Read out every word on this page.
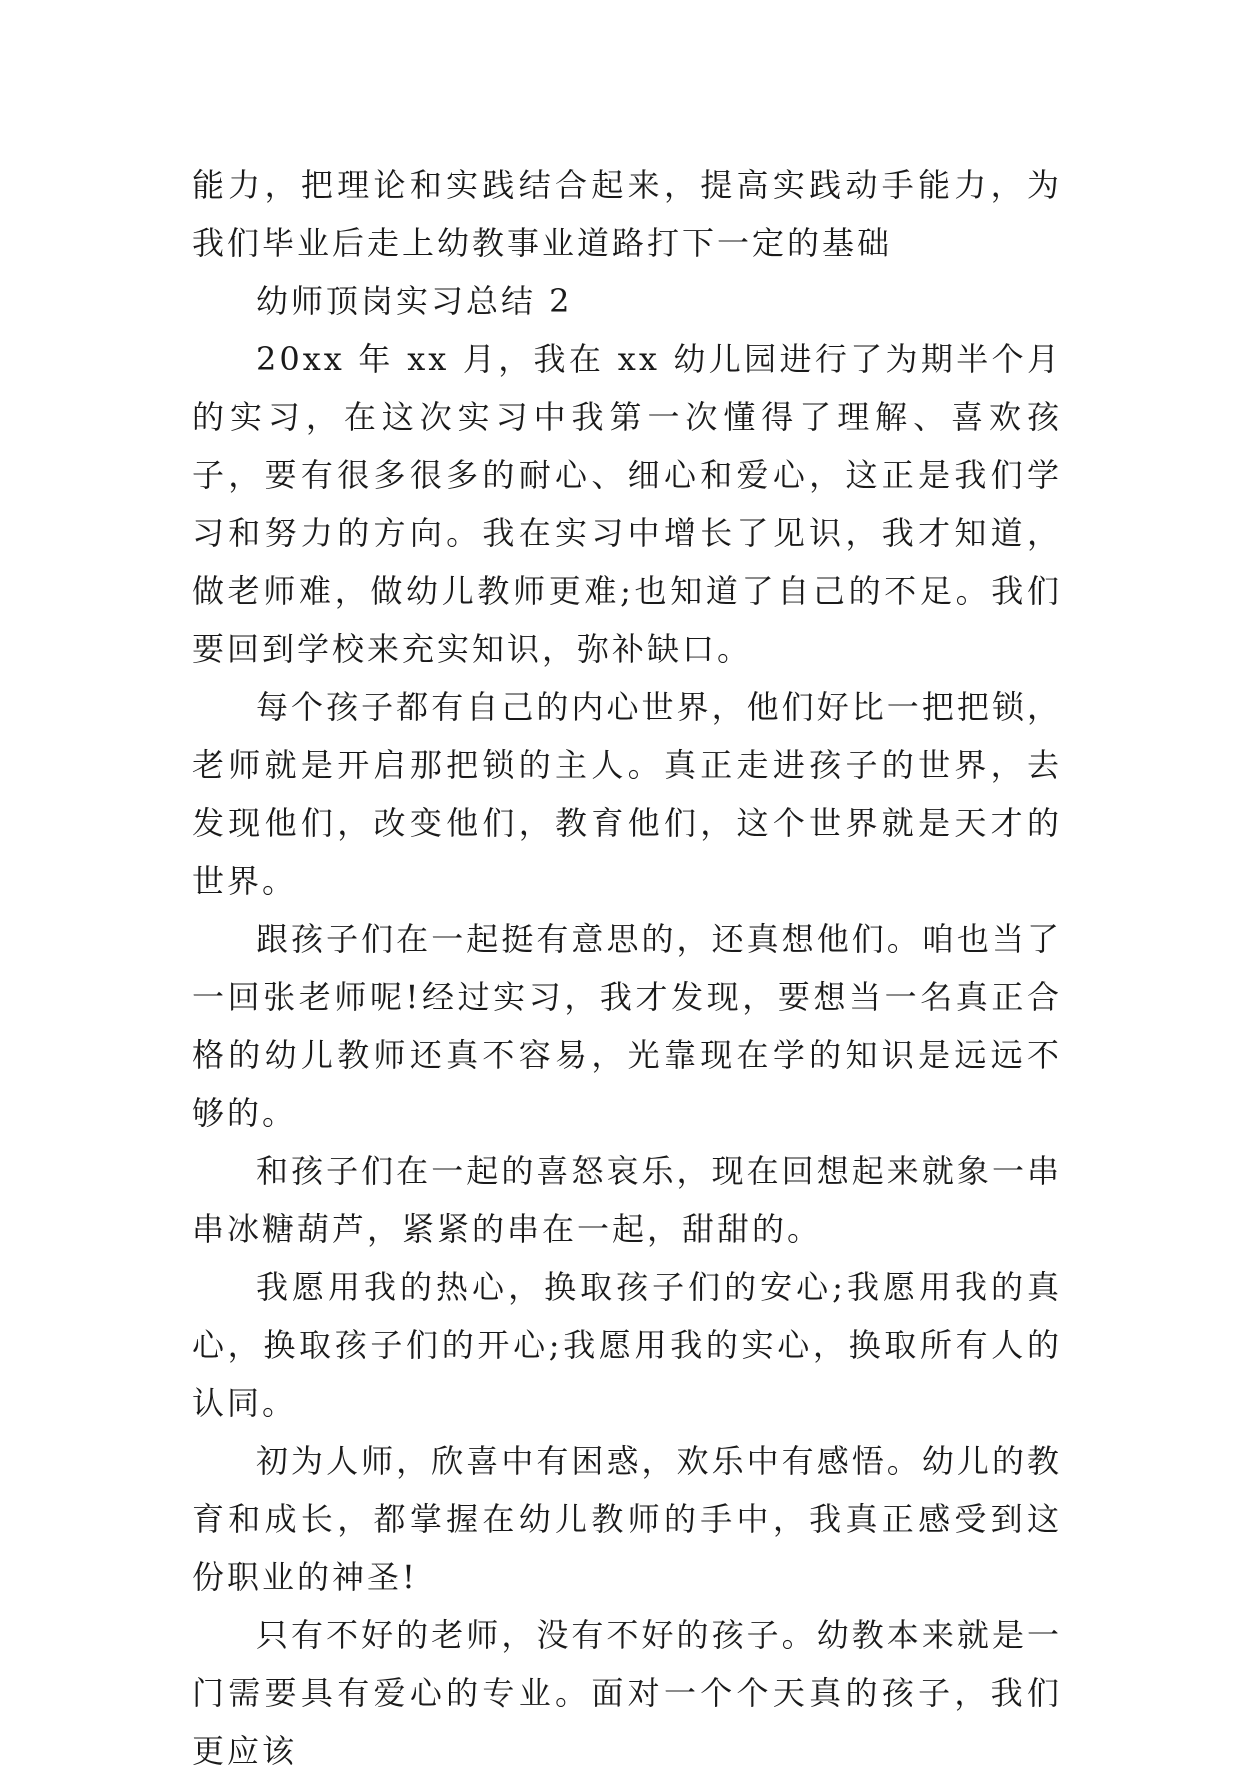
能力，把理论和实践结合起来，提高实践动手能力，为我们毕业后走上幼教事业道路打下一定的基础

幼师顶岗实习总结 2

20xx 年 xx 月，我在 xx 幼儿园进行了为期半个月的实习，在这次实习中我第一次懂得了理解、喜欢孩子，要有很多很多的耐心、细心和爱心，这正是我们学习和努力的方向。我在实习中增长了见识，我才知道，做老师难，做幼儿教师更难;也知道了自己的不足。我们要回到学校来充实知识，弥补缺口。

每个孩子都有自己的内心世界，他们好比一把把锁，老师就是开启那把锁的主人。真正走进孩子的世界，去发现他们，改变他们，教育他们，这个世界就是天才的世界。

跟孩子们在一起挺有意思的，还真想他们。咱也当了一回张老师呢!经过实习，我才发现，要想当一名真正合格的幼儿教师还真不容易，光靠现在学的知识是远远不够的。

和孩子们在一起的喜怒哀乐，现在回想起来就象一串串冰糖葫芦，紧紧的串在一起，甜甜的。

我愿用我的热心，换取孩子们的安心;我愿用我的真心，换取孩子们的开心;我愿用我的实心，换取所有人的认同。

初为人师，欣喜中有困惑，欢乐中有感悟。幼儿的教育和成长，都掌握在幼儿教师的手中，我真正感受到这份职业的神圣!

只有不好的老师，没有不好的孩子。幼教本来就是一门需要具有爱心的专业。面对一个个天真的孩子，我们更应该
